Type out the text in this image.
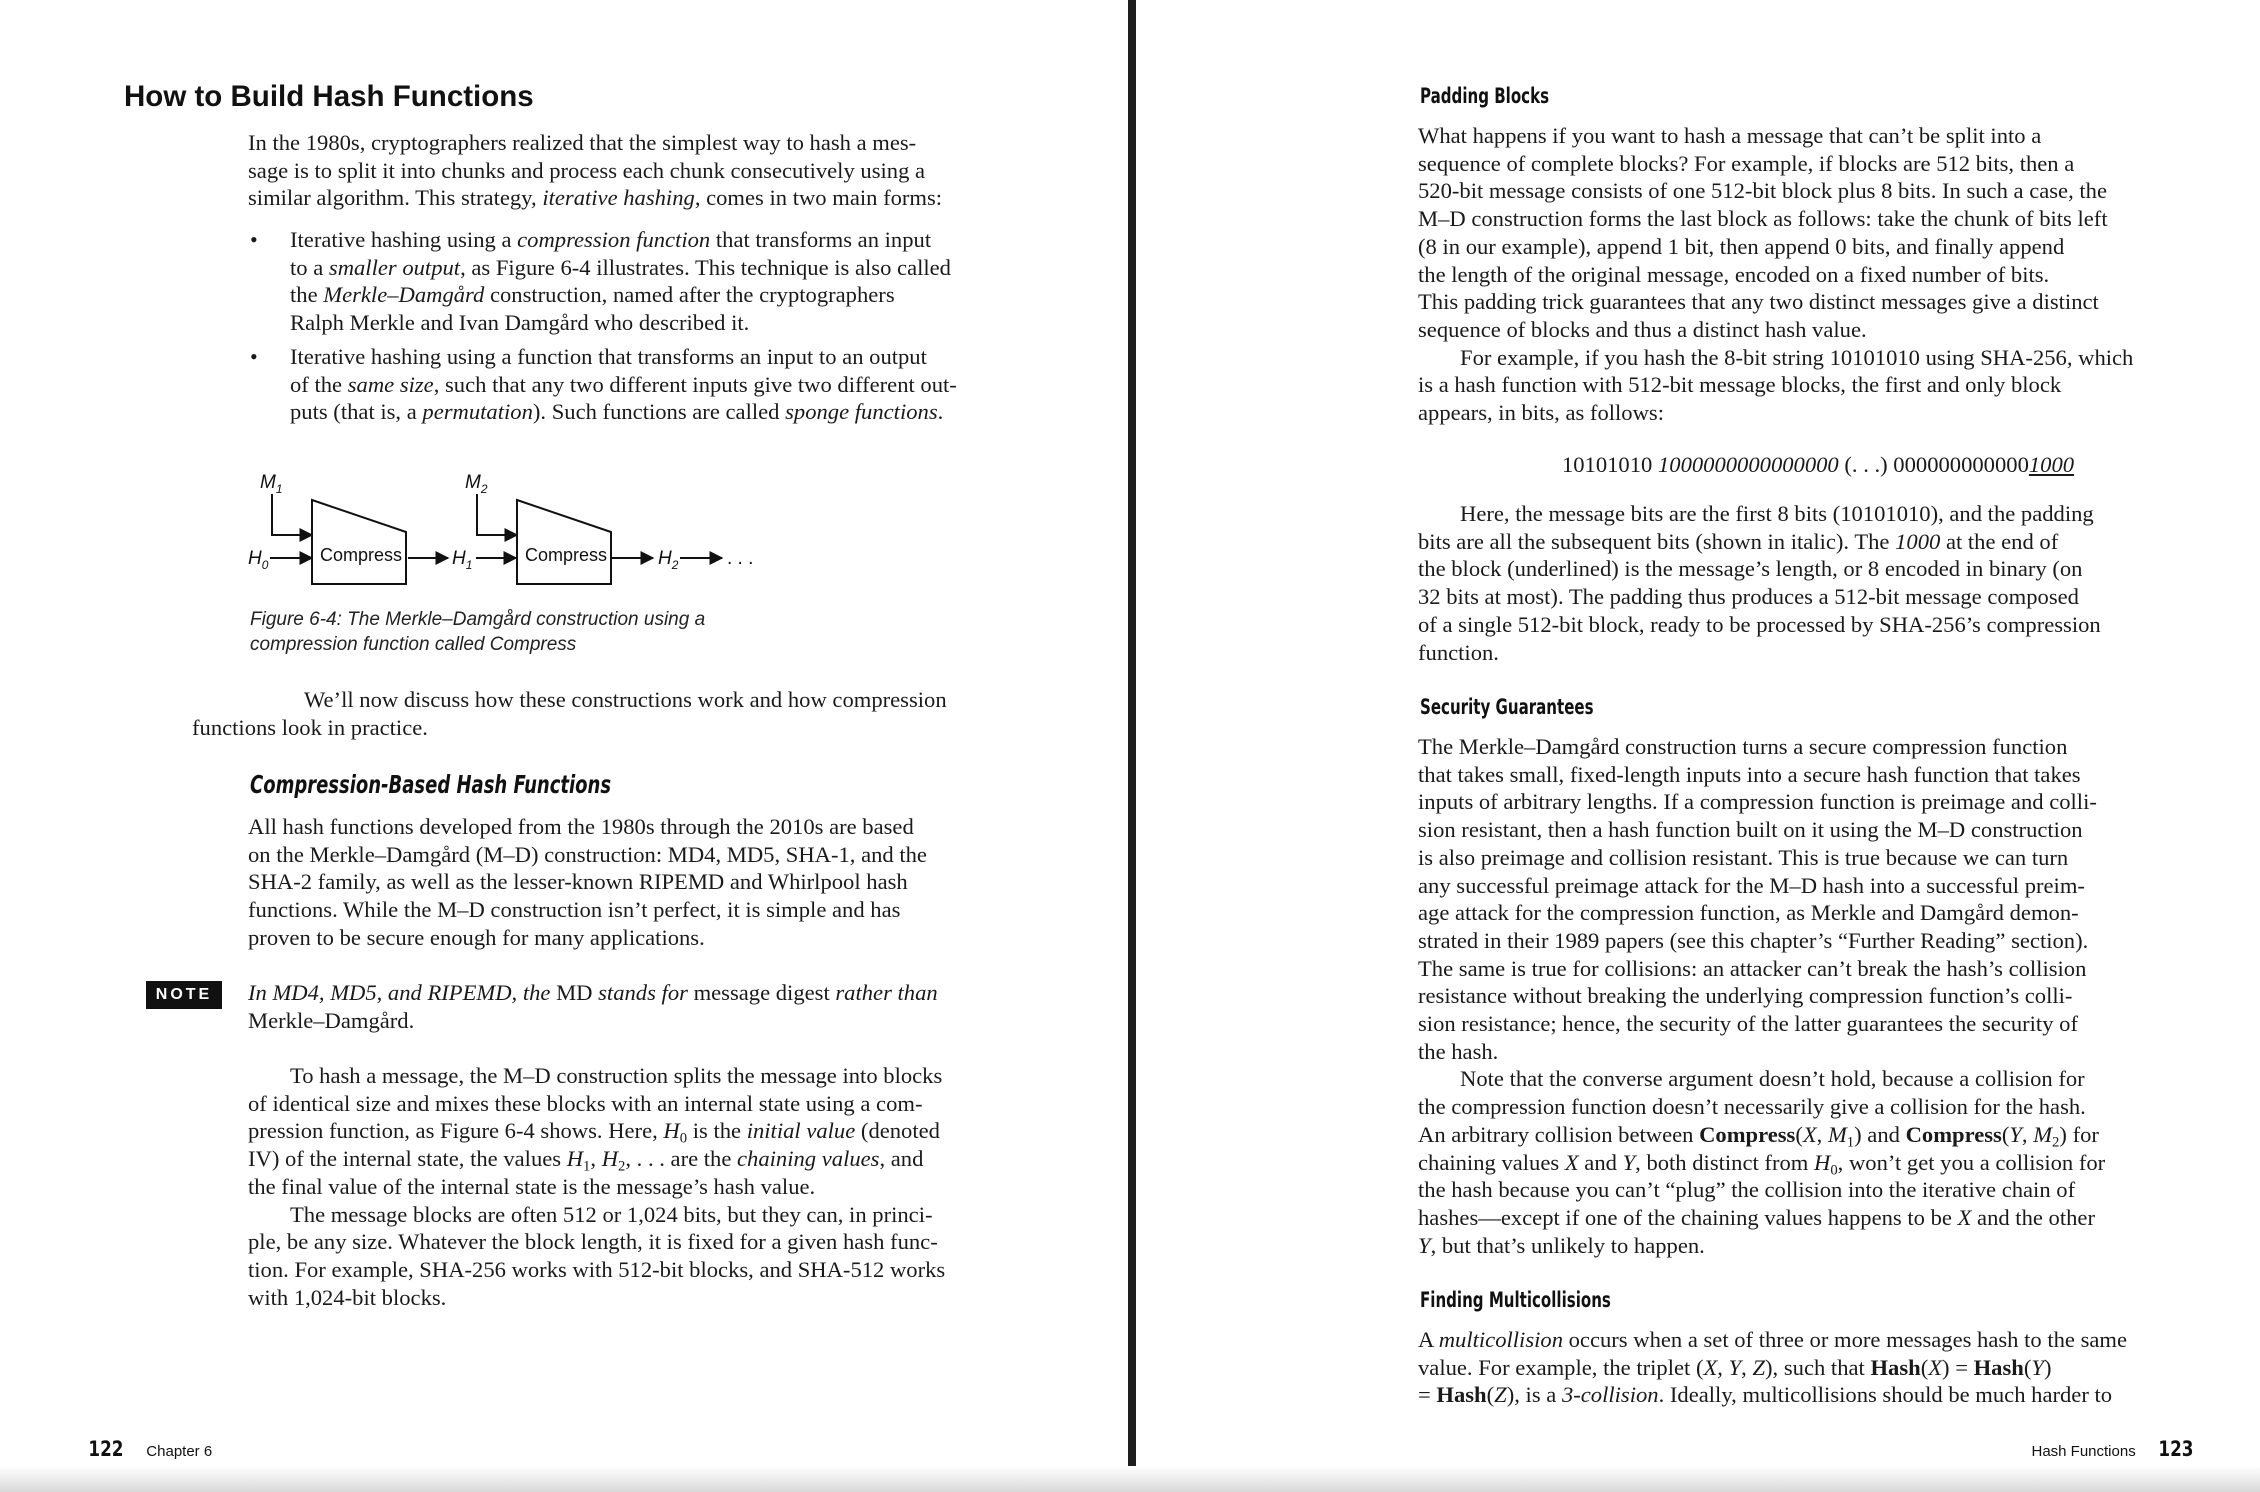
How to Build Hash Functions

In the 1980s, cryptographers realized that the simplest way to hash a mes-
sage is to split it into chunks and process each chunk consecutively using a
similar algorithm. This strategy, iterative hashing, comes in two main forms:

• Iterative hashing using a compression function that transforms an input
to a smaller output, as Figure 6-4 illustrates. This technique is also called
the Merkle–Damgård construction, named after the cryptographers
Ralph Merkle and Ivan Damgård who described it.
• Iterative hashing using a function that transforms an input to an output
of the same size, such that any two different inputs give two different out-
puts (that is, a permutation). Such functions are called sponge functions.
$M_1$	$M_2$
$H_0$	$H_1$	$H_2$
Compress	Compress	. . .
Figure 6-4: The Merkle–Damgård construction using a
compression function called Compress

We’ll now discuss how these constructions work and how compression
functions look in practice.

Compression-Based Hash Functions

All hash functions developed from the 1980s through the 2010s are based
on the Merkle–Damgård (M–D) construction: MD4, MD5, SHA-1, and the
SHA-2 family, as well as the lesser-known RIPEMD and Whirlpool hash
functions. While the M–D construction isn’t perfect, it is simple and has
proven to be secure enough for many applications.

NOTE	In MD4, MD5, and RIPEMD, the MD stands for message digest rather than
Merkle–Damgård.

To hash a message, the M–D construction splits the message into blocks
of identical size and mixes these blocks with an internal state using a com-
pression function, as Figure 6-4 shows. Here, $H_0$ is the initial value (denoted
IV) of the internal state, the values $H_1$, $H_2$, . . . are the chaining values, and
the final value of the internal state is the message’s hash value.

The message blocks are often 512 or 1,024 bits, but they can, in princi-
ple, be any size. Whatever the block length, it is fixed for a given hash func-
tion. For example, SHA-256 works with 512-bit blocks, and SHA-512 works
with 1,024-bit blocks.

122 Chapter 6
Padding Blocks

What happens if you want to hash a message that can’t be split into a
sequence of complete blocks? For example, if blocks are 512 bits, then a
520-bit message consists of one 512-bit block plus 8 bits. In such a case, the
M–D construction forms the last block as follows: take the chunk of bits left
(8 in our example), append 1 bit, then append 0 bits, and finally append
the length of the original message, encoded on a fixed number of bits.
This padding trick guarantees that any two distinct messages give a distinct
sequence of blocks and thus a distinct hash value.

For example, if you hash the 8-bit string 10101010 using SHA-256, which
is a hash function with 512-bit message blocks, the first and only block
appears, in bits, as follows:

10101010 1000000000000000 (. . .) 0000000000001000

Here, the message bits are the first 8 bits (10101010), and the padding
bits are all the subsequent bits (shown in italic). The 1000 at the end of
the block (underlined) is the message’s length, or 8 encoded in binary (on
32 bits at most). The padding thus produces a 512-bit message composed
of a single 512-bit block, ready to be processed by SHA-256’s compression
function.

Security Guarantees

The Merkle–Damgård construction turns a secure compression function
that takes small, fixed-length inputs into a secure hash function that takes
inputs of arbitrary lengths. If a compression function is preimage and colli-
sion resistant, then a hash function built on it using the M–D construction
is also preimage and collision resistant. This is true because we can turn
any successful preimage attack for the M–D hash into a successful preim-
age attack for the compression function, as Merkle and Damgård demon-
strated in their 1989 papers (see this chapter’s “Further Reading” section).
The same is true for collisions: an attacker can’t break the hash’s collision
resistance without breaking the underlying compression function’s colli-
sion resistance; hence, the security of the latter guarantees the security of
the hash.

Note that the converse argument doesn’t hold, because a collision for
the compression function doesn’t necessarily give a collision for the hash.
An arbitrary collision between Compress(X, $M_1$) and Compress(Y, $M_2$) for
chaining values X and Y, both distinct from $H_0$, won’t get you a collision for
the hash because you can’t “plug” the collision into the iterative chain of
hashes—except if one of the chaining values happens to be X and the other
Y, but that’s unlikely to happen.

Finding Multicollisions

A multicollision occurs when a set of three or more messages hash to the same
value. For example, the triplet (X, Y, Z), such that Hash(X) = Hash(Y)
= Hash(Z), is a 3-collision. Ideally, multicollisions should be much harder to

Hash Functions 123
